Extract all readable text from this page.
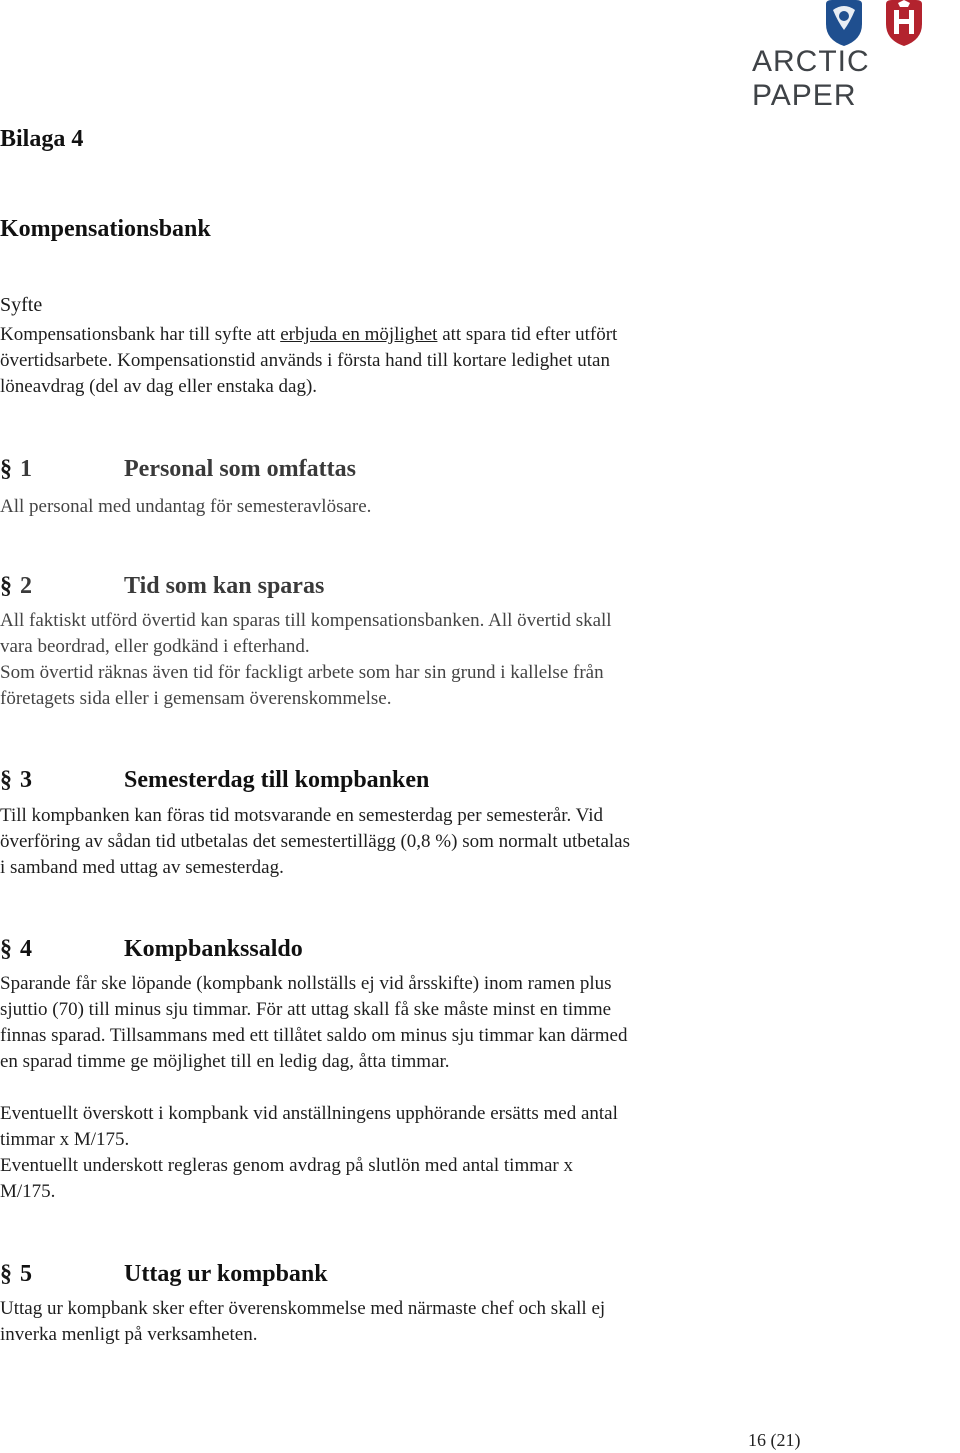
ARCTIC PAPER
Bilaga 4
Kompensationsbank
Syfte
Kompensationsbank har till syfte att erbjuda en möjlighet att spara tid efter utfört
övertidsarbete. Kompensationstid används i första hand till kortare ledighet utan
löneavdrag (del av dag eller enstaka dag).
§ 1	Personal som omfattas
All personal med undantag för semesteravlösare.
§ 2	Tid som kan sparas
All faktiskt utförd övertid kan sparas till kompensationsbanken. All övertid skall
vara beordrad, eller godkänd i efterhand.
Som övertid räknas även tid för fackligt arbete som har sin grund i kallelse från
företagets sida eller i gemensam överenskommelse.
§ 3	Semesterdag till kompbanken
Till kompbanken kan föras tid motsvarande en semesterdag per semesterår. Vid
överföring av sådan tid utbetalas det semestertillägg (0,8 %) som normalt utbetalas
i samband med uttag av semesterdag.
§ 4	Kompbankssaldo
Sparande får ske löpande (kompbank nollställs ej vid årsskifte) inom ramen plus
sjuttio (70) till minus sju timmar. För att uttag skall få ske måste minst en timme
finnas sparad. Tillsammans med ett tillåtet saldo om minus sju timmar kan därmed
en sparad timme ge möjlighet till en ledig dag, åtta timmar.
Eventuellt överskott i kompbank vid anställningens upphörande ersätts med antal
timmar x M/175.
Eventuellt underskott regleras genom avdrag på slutlön med antal timmar x
M/175.
§ 5	Uttag ur kompbank
Uttag ur kompbank sker efter överenskommelse med närmaste chef och skall ej
inverka menligt på verksamheten.
16 (21)
